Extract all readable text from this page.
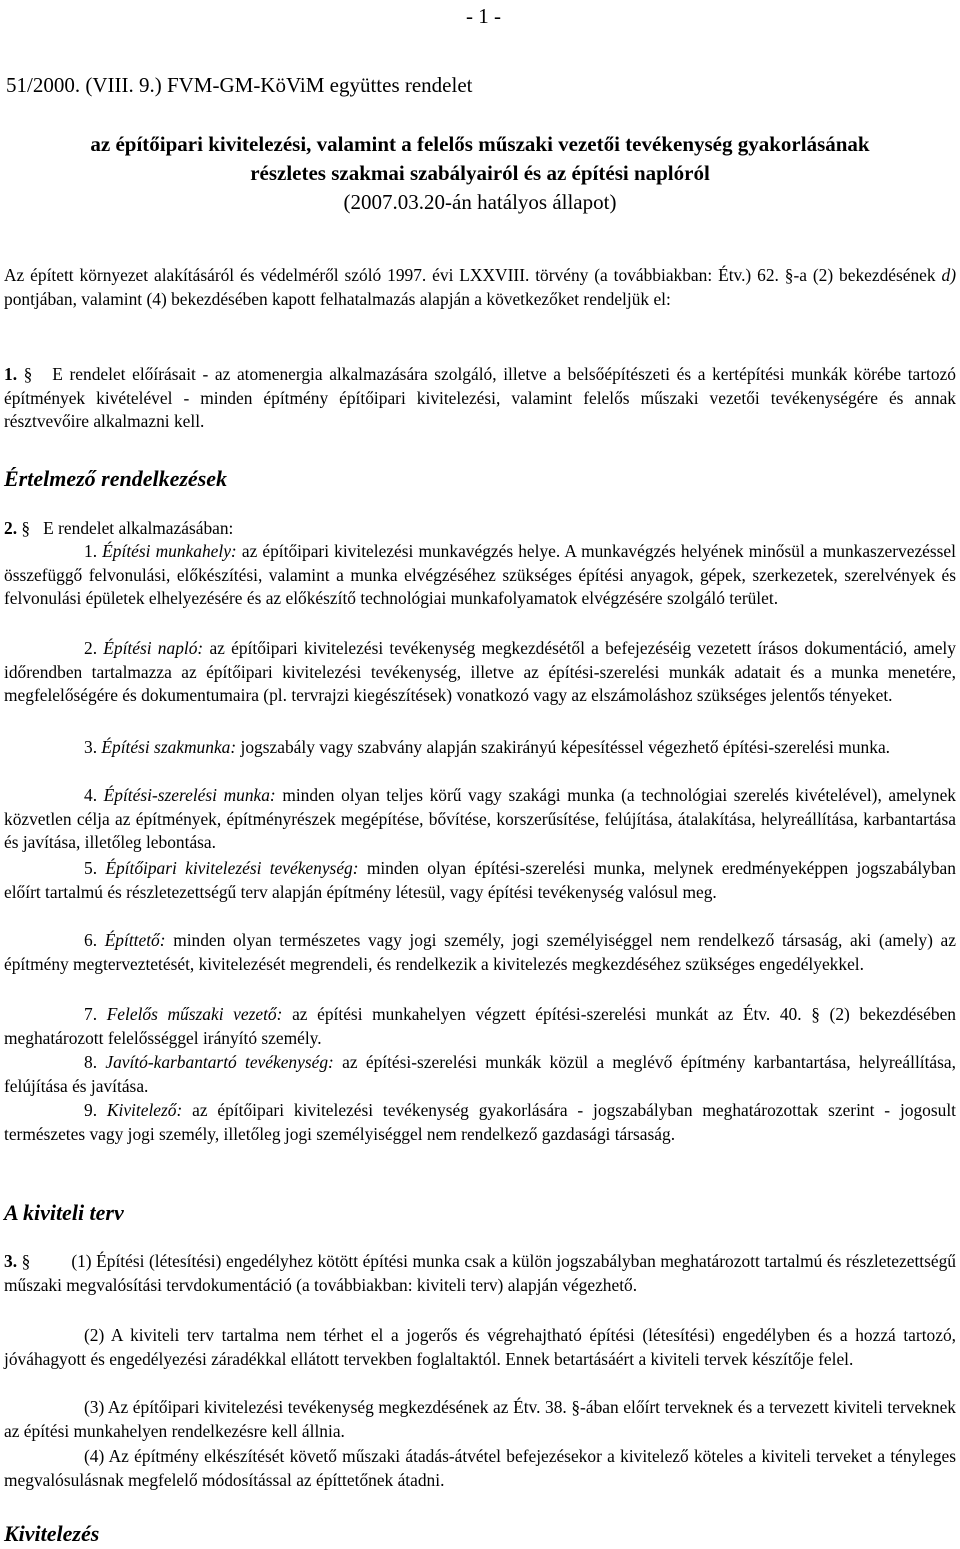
- 1 -
51/2000. (VIII. 9.) FVM-GM-KöViM együttes rendelet
az építőipari kivitelezési, valamint a felelős műszaki vezetői tevékenység gyakorlásának
részletes szakmai szabályairól és az építési naplóról
(2007.03.20-án hatályos állapot)

Az épített környezet alakításáról és védelméről szóló 1997. évi LXXVIII. törvény (a továbbiakban: Étv.) 62. §-a (2) bekezdésének d) pontjában, valamint (4) bekezdésében kapott felhatalmazás alapján a következőket rendeljük el:

1. § E rendelet előírásait - az atomenergia alkalmazására szolgáló, illetve a belsőépítészeti és a kertépítési munkák körébe tartozó építmények kivételével - minden építmény építőipari kivitelezési, valamint felelős műszaki vezetői tevékenységére és annak résztvevőire alkalmazni kell.

Értelmező rendelkezések

2. § E rendelet alkalmazásában:

1. Építési munkahely: az építőipari kivitelezési munkavégzés helye. A munkavégzés helyének minősül a munkaszervezéssel összefüggő felvonulási, előkészítési, valamint a munka elvégzéséhez szükséges építési anyagok, gépek, szerkezetek, szerelvények és felvonulási épületek elhelyezésére és az előkészítő technológiai munkafolyamatok elvégzésére szolgáló terület.

2. Építési napló: az építőipari kivitelezési tevékenység megkezdésétől a befejezéséig vezetett írásos dokumentáció, amely időrendben tartalmazza az építőipari kivitelezési tevékenység, illetve az építési-szerelési munkák adatait és a munka menetére, megfelelőségére és dokumentumaira (pl. tervrajzi kiegészítések) vonatkozó vagy az elszámoláshoz szükséges jelentős tényeket.

3. Építési szakmunka: jogszabály vagy szabvány alapján szakirányú képesítéssel végezhető építési-szerelési munka.

4. Építési-szerelési munka: minden olyan teljes körű vagy szakági munka (a technológiai szerelés kivételével), amelynek közvetlen célja az építmények, építményrészek megépítése, bővítése, korszerűsítése, felújítása, átalakítása, helyreállítása, karbantartása és javítása, illetőleg lebontása.

5. Építőipari kivitelezési tevékenység: minden olyan építési-szerelési munka, melynek eredményeképpen jogszabályban előírt tartalmú és részletezettségű terv alapján építmény létesül, vagy építési tevékenység valósul meg.

6. Építtető: minden olyan természetes vagy jogi személy, jogi személyiséggel nem rendelkező társaság, aki (amely) az építmény megterveztetését, kivitelezését megrendeli, és rendelkezik a kivitelezés megkezdéséhez szükséges engedélyekkel.

7. Felelős műszaki vezető: az építési munkahelyen végzett építési-szerelési munkát az Étv. 40. § (2) bekezdésében meghatározott felelősséggel irányító személy.

8. Javító-karbantartó tevékenység: az építési-szerelési munkák közül a meglévő építmény karbantartása, helyreállítása, felújítása és javítása.

9. Kivitelező: az építőipari kivitelezési tevékenység gyakorlására - jogszabályban meghatározottak szerint - jogosult természetes vagy jogi személy, illetőleg jogi személyiséggel nem rendelkező gazdasági társaság.

A kiviteli terv

3. § (1) Építési (létesítési) engedélyhez kötött építési munka csak a külön jogszabályban meghatározott tartalmú és részletezettségű műszaki megvalósítási tervdokumentáció (a továbbiakban: kiviteli terv) alapján végezhető.

(2) A kiviteli terv tartalma nem térhet el a jogerős és végrehajtható építési (létesítési) engedélyben és a hozzá tartozó, jóváhagyott és engedélyezési záradékkal ellátott tervekben foglaltaktól. Ennek betartásáért a kiviteli tervek készítője felel.

(3) Az építőipari kivitelezési tevékenység megkezdésének az Étv. 38. §-ában előírt terveknek és a tervezett kiviteli terveknek az építési munkahelyen rendelkezésre kell állnia.

(4) Az építmény elkészítését követő műszaki átadás-átvétel befejezésekor a kivitelező köteles a kiviteli terveket a tényleges megvalósulásnak megfelelő módosítással az építtetőnek átadni.

Kivitelezés
